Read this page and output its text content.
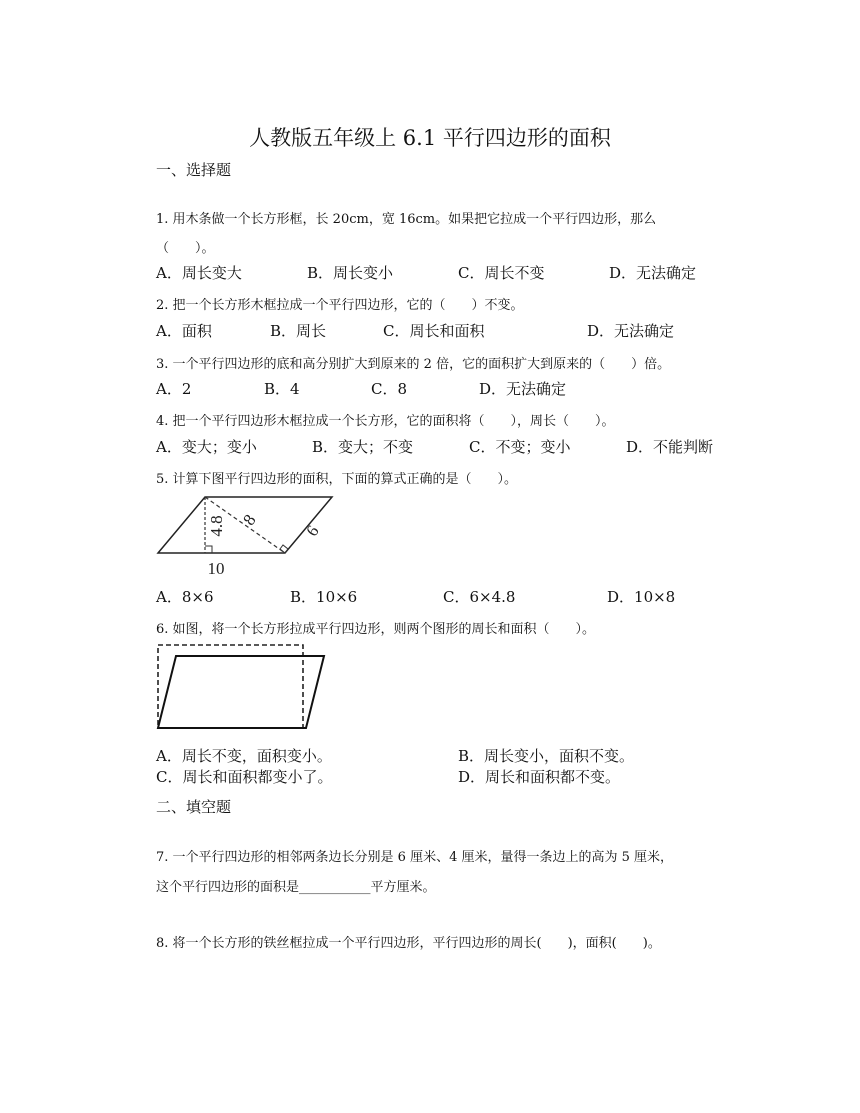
人教版五年级上 6.1 平行四边形的面积
一、选择题
1. 用木条做一个长方形框，长 20cm，宽 16cm。如果把它拉成一个平行四边形，那么
（　　）。
A．周长变大	B．周长变小	C．周长不变	D．无法确定
2. 把一个长方形木框拉成一个平行四边形，它的（　　）不变。
A．面积	B．周长	C．周长和面积	D．无法确定
3. 一个平行四边形的底和高分别扩大到原来的 2 倍，它的面积扩大到原来的（　　）倍。
A．2	B．4	C．8	D．无法确定
4. 把一个平行四边形木框拉成一个长方形，它的面积将（　　），周长（　　）。
A．变大；变小	B．变大；不变	C．不变；变小	D．不能判断
5. 计算下图平行四边形的面积，下面的算式正确的是（　　）。
4.8 8
6
10
A．8×6	B．10×6	C．6×4.8	D．10×8
6. 如图，将一个长方形拉成平行四边形，则两个图形的周长和面积（　　）。
A．周长不变，面积变小。	B．周长变小，面积不变。
C．周长和面积都变小了。	D．周长和面积都不变。
二、填空题
7. 一个平行四边形的相邻两条边长分别是 6 厘米、4 厘米，量得一条边上的高为 5 厘米，
这个平行四边形的面积是___________平方厘米。
8. 将一个长方形的铁丝框拉成一个平行四边形，平行四边形的周长(　　)，面积(　　)。
